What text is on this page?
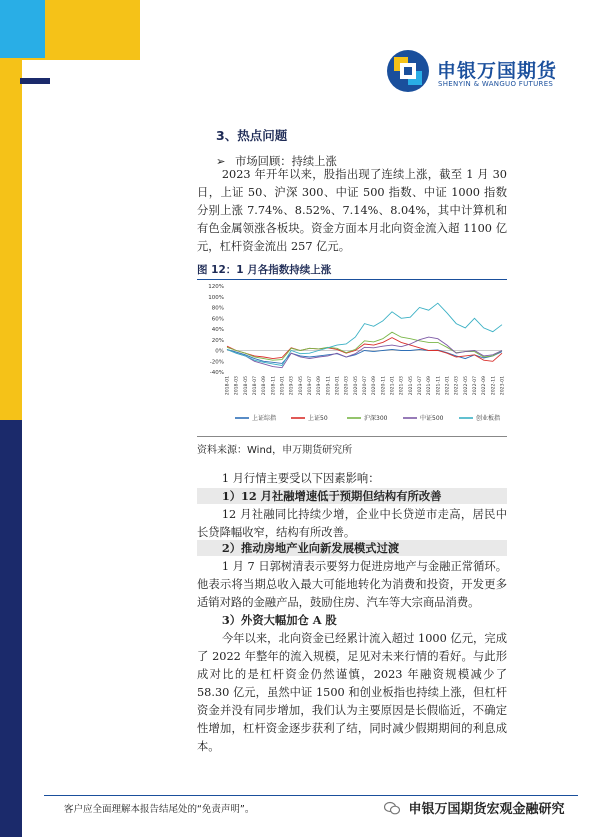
申银万国期货
SHENYIN & WANGUO FUTURES
3、热点问题
➢ 市场回顾：持续上涨
2023 年开年以来，股指出现了连续上涨，截至 1 月 30 日，上证 50、沪深 300、中证 500 指数、中证 1000 指数分别上涨 7.74%、8.52%、7.14%、8.04%，其中计算机和有色金属领涨各板块。资金方面本月北向资金流入超 1100 亿元，杠杆资金流出 257 亿元。
图 12：1 月各指数持续上涨
120%
100%
80%
60%
40%
20%
0%
-20%
-40%
2018-01 2018-03 2018-05 2018-07 2018-09 2018-11 2019-01 2019-03 2019-05 2019-07 2019-09 2019-11 2020-01 2020-03 2020-05 2020-07 2020-09 2020-11 2021-01 2021-03 2021-05 2021-07 2021-09 2021-11 2022-01 2022-03 2022-05 2022-07 2022-09 2022-11 2023-01
上证综指	上证50	沪深300	中证500	创业板指
资料来源：Wind，申万期货研究所
1 月行情主要受以下因素影响：
1）12 月社融增速低于预期但结构有所改善
12 月社融同比持续少增，企业中长贷逆市走高，居民中长贷降幅收窄，结构有所改善。
2）推动房地产业向新发展模式过渡
1 月 7 日郭树清表示要努力促进房地产与金融正常循环。他表示将当期总收入最大可能地转化为消费和投资，开发更多适销对路的金融产品，鼓励住房、汽车等大宗商品消费。
3）外资大幅加仓 A 股
今年以来，北向资金已经累计流入超过 1000 亿元，完成了 2022 年整年的流入规模，足见对未来行情的看好。与此形成对比的是杠杆资金仍然谨慎，2023 年融资规模减少了 58.30 亿元，虽然中证 1500 和创业板指也持续上涨，但杠杆资金并没有同步增加，我们认为主要原因是长假临近，不确定性增加，杠杆资金逐步获利了结，同时减少假期期间的利息成本。
客户应全面理解本报告结尾处的“免责声明”。	申银万国期货宏观金融研究
